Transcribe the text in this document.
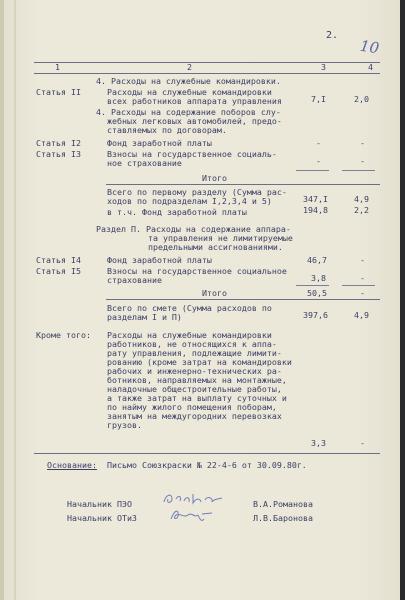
2.
10
1	2	3	4
4. Расходы на служебные командировки.
Статья II	Расходы на служебные командировки
всех работников аппарата управления	7,I	2,0
4. Расходы на содержание поборов слу-
жебных легковых автомобилей, предо-
ставляемых по договорам.
Статья I2	Фонд заработной платы	-	-
Статья I3	Взносы на государственное социаль-
ное страхование	-	-
Итого
Всего по первому разделу (Сумма рас-
ходов по подразделам I,2,3,4 и 5)	347,I	4,9
в т.ч. Фонд заработной платы	194,8	2,2
Раздел П. Расходы на содержание аппара-
та управления не лимитируемые
предельными ассигнованиями.
Статья I4	Фонд заработной платы	46,7	-
Статья I5	Взносы на государственное социальное
страхование	3,8	-
Итого	50,5	-
Всего по смете (Сумма расходов по
разделам I и П)	397,6	4,9
Кроме того: Расходы на служебные командировки
работников, не относящихся к аппа-
рату управления, подлежащие лимити-
рованию (кроме затрат на командировки
рабочих и инженерно-технических ра-
ботников, направляемых на монтажные,
наладочные общестроительные работы,
а также затрат на выплату суточных и
по найму жилого помещения поборам,
занятым на междугородних перевозках
грузов.
3,3	-
Основание: Письмо Союзкраски № 22-4-6 от 30.09.80г.
Начальник ПЭО	В.А.Романова
Начальник ОТиЗ	Л.В.Баронова
